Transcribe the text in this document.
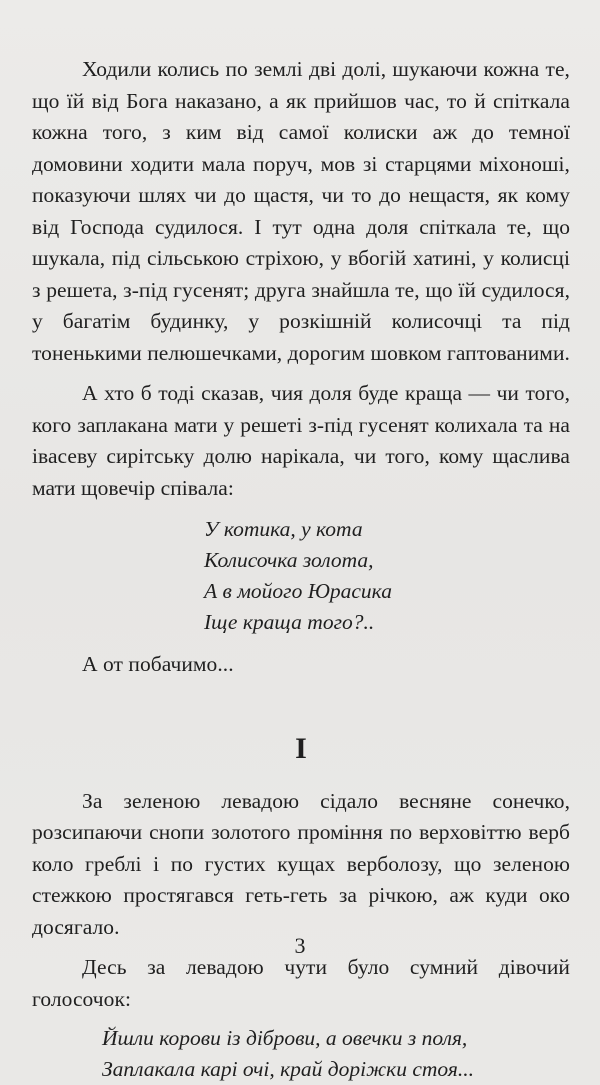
Ходили колись по землі дві долі, шукаючи кожна те, що їй від Бога наказано, а як прийшов час, то й спіткала кожна того, з ким від самої колиски аж до темної домовини ходити мала поруч, мов зі старцями міхоноші, показуючи шлях чи до щастя, чи то до нещастя, як кому від Господа судилося. І тут одна доля спіткала те, що шукала, під сільською стріхою, у вбогій хатині, у колисці з решета, з-під гусенят; друга знайшла те, що їй судилося, у багатім будинку, у розкішній колисочці та під тоненькими пелюшечками, дорогим шовком гаптованими.

А хто б тоді сказав, чия доля буде краща — чи того, кого заплакана мати у решеті з-під гусенят колихала та на івасеву сирітську долю нарікала, чи того, кому щаслива мати щовечір співала:

У котика, у кота
Колисочка золота,
А в мойого Юрасика
Іще краща того?..

А от побачимо...

I

За зеленою левадою сідало весняне сонечко, розсипаючи снопи золотого проміння по верховіттю верб коло греблі і по густих кущах верболозу, що зеленою стежкою простягався геть-геть за річкою, аж куди око досягало.

Десь за левадою чути було сумний дівочий голосочок:

Йшли корови із діброви, а овечки з поля,
Заплакала карі очі, край доріжки стоя...
3
